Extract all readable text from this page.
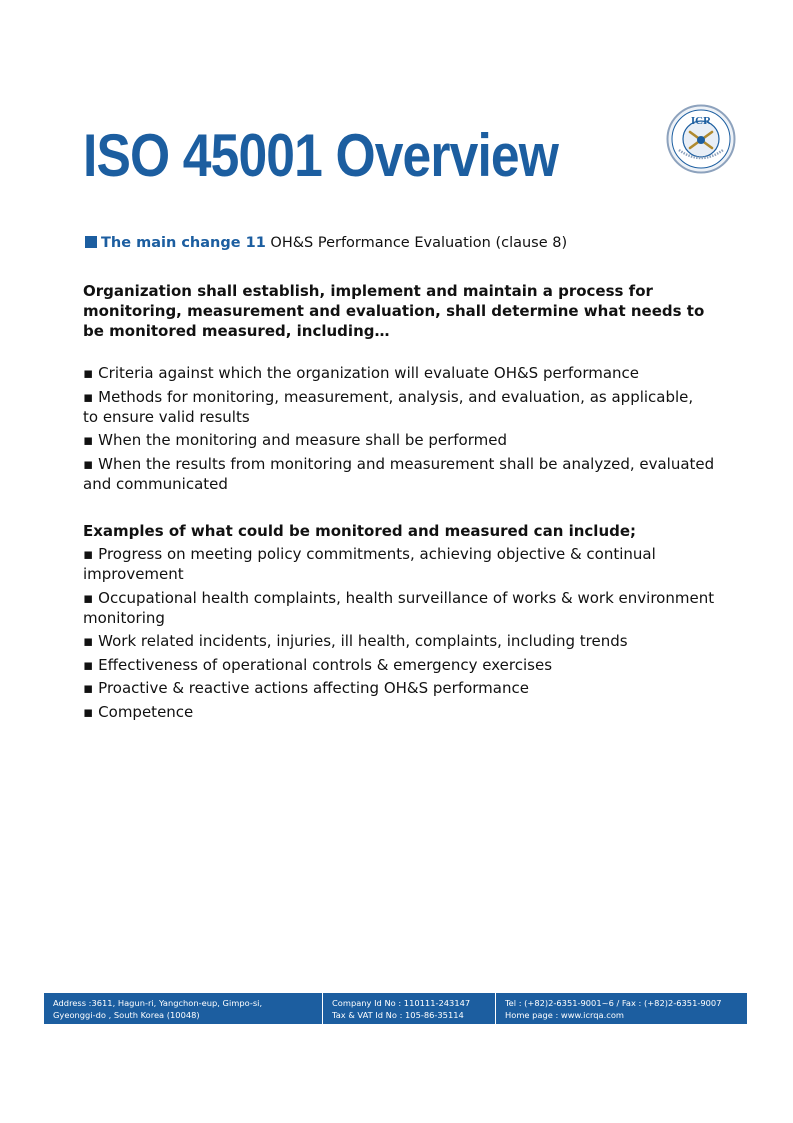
ISO 45001 Overview
ICR
The main change 11 OH&S Performance Evaluation (clause 8)
Organization shall establish, implement and maintain a process for monitoring, measurement and evaluation, shall determine what needs to be monitored measured, including…
▪ Criteria against which the organization will evaluate OH&S performance
▪ Methods for monitoring, measurement, analysis, and evaluation, as applicable,
to ensure valid results
▪ When the monitoring and measure shall be performed
▪ When the results from monitoring and measurement shall be analyzed, evaluated and communicated
Examples of what could be monitored and measured can include;
▪ Progress on meeting policy commitments, achieving objective & continual improvement
▪ Occupational health complaints, health surveillance of works & work environment monitoring
▪ Work related incidents, injuries, ill health, complaints, including trends
▪ Effectiveness of operational controls & emergency exercises
▪ Proactive & reactive actions affecting OH&S performance
▪ Competence
Address :3611, Hagun-ri, Yangchon-eup, Gimpo-si,
Gyeonggi-do , South Korea (10048)
Company Id No : 110111-243147
Tax & VAT Id No : 105-86-35114
Tel : (+82)2-6351-9001~6 / Fax : (+82)2-6351-9007
Home page : www.icrqa.com
